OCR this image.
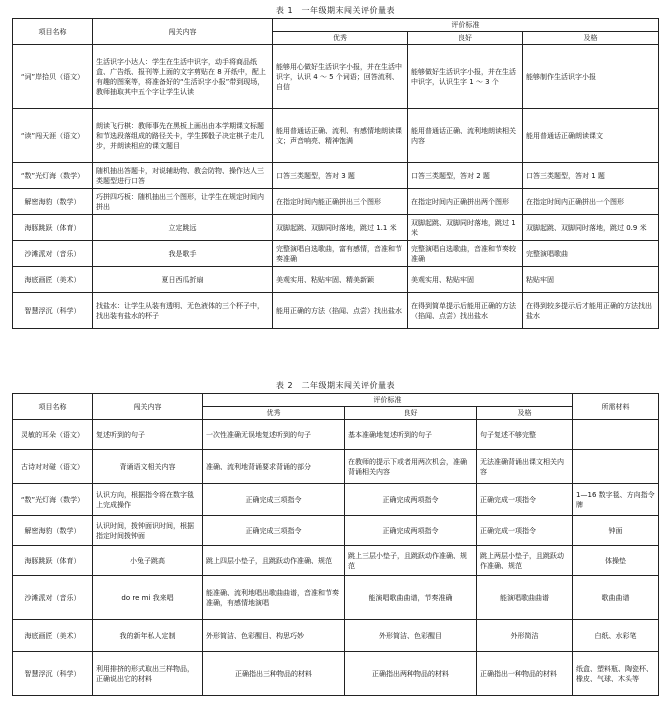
表 1　一年级期末闯关评价量表
项目名称	闯关内容	评价标准		
		优秀	良好	及格
“词”岸拾贝（语文）	生活识字小达人：学生在生活中识字，动手将商品纸盒、广告纸、报刊等上面的文字剪贴在 8 开纸中，配上有趣的图案等，将准备好的“生活识字小报”带到现场，教师抽取其中五个字让学生认读	能够用心做好生活识字小报，并在生活中识字，认识 4 ～ 5 个词语；回答流利、自信	能够做好生活识字小报，并在生活中识字，认识生字 1 ～ 3 个	能够制作生活识字小报
“读”闯天涯（语文）	朗读飞行棋：教师事先在黑板上画出由本学期课文标题和节选段落组成的路径关卡，学生掷骰子决定棋子走几步，并朗读相应的课文题目	能用普通话正确、流利、有感情地朗读课文；声音响亮、精神饱满	能用普通话正确、流利地朗读相关内容	能用普通话正确朗读课文
“数”光灯海（数学）	随机抽出答题卡，对说辅助物、教会防物、操作达人三类题型进行口答	口答三类题型，答对 3 题	口答三类题型，答对 2 题	口答三类题型，答对 1 题
解密海豹（数学）	巧拼四巧板：随机抽出三个图形，让学生在规定时间内拼出	在指定时间内能正确拼出三个图形	在指定时间内正确拼出两个图形	在指定时间内正确拼出一个图形
海豚跳跃（体育）	立定跳远	双脚起跳、双脚同时落地，跳过 1.1 米	双脚起跳、双脚同时落地，跳过 1 米	双脚起跳、双脚同时落地，跳过 0.9 米
沙滩派对（音乐）	我是歌手	完整演唱自选歌曲，富有感情，音准和节奏准确	完整演唱自选歌曲，音准和节奏较准确	完整演唱歌曲
海底画匠（美术）	夏日西瓜折扇	美观实用、粘贴牢固、精美新颖	美观实用、粘贴牢固	粘贴牢固
智慧浮沉（科学）	找盐水：让学生从装有透明、无色液体的三个杯子中，找出装有盐水的杯子	能用正确的方法（掐闻、点尝）找出盐水	在得到简单提示后能用正确的方法（掐闻、点尝）找出盐水	在得到较多提示后才能用正确的方法找出盐水
表 2　二年级期末闯关评价量表
项目名称	闯关内容	评价标准			所需材料
		优秀	良好	及格	
灵敏的耳朵（语文）	复述听到的句子	一次性准确无误地复述听到的句子	基本准确地复述听到的句子	句子复述不够完整	
古诗对对碰（语文）	背诵语文相关内容	准确、流利地背诵要求背诵的部分	在教师的提示下或者用两次机会，准确背诵相关内容	无法准确背诵出课文相关内容	
“数”光灯海（数学）	认识方向，根据指令将在数字毯上完成操作	正确完成三项指令	正确完成两项指令	正确完成一项指令	1—16 数字毯、方向指令牌
解密海豹（数学）	认识时间，拨钟面识时间，根据指定时间拨钟面	正确完成三项指令	正确完成两项指令	正确完成一项指令	钟面
海豚跳跃（体育）	小兔子跳高	跳上四层小垫子，且跳跃动作准确、规范	跳上三层小垫子，且跳跃动作准确、规范	跳上两层小垫子，且跳跃动作准确、规范	体操垫
沙滩派对（音乐）	do re mi 我来唱	能准确、流利地唱出歌曲曲谱，音准和节奏准确，有感情地演唱	能演唱歌曲曲谱，节奏准确	能演唱歌曲曲谱	歌曲曲谱
海底画匠（美术）	我的新年私人定制	外形简洁、色彩醒目、构思巧妙	外形简洁、色彩醒目	外形简洁	白纸、水彩笔
智慧浮沉（科学）	利用排挤的形式取出三样物品，正确说出它的材料	正确指出三种物品的材料	正确指出两种物品的材料	正确指出一种物品的材料	纸盒、塑料瓶、陶瓷杯、橡皮、气球、木头等
